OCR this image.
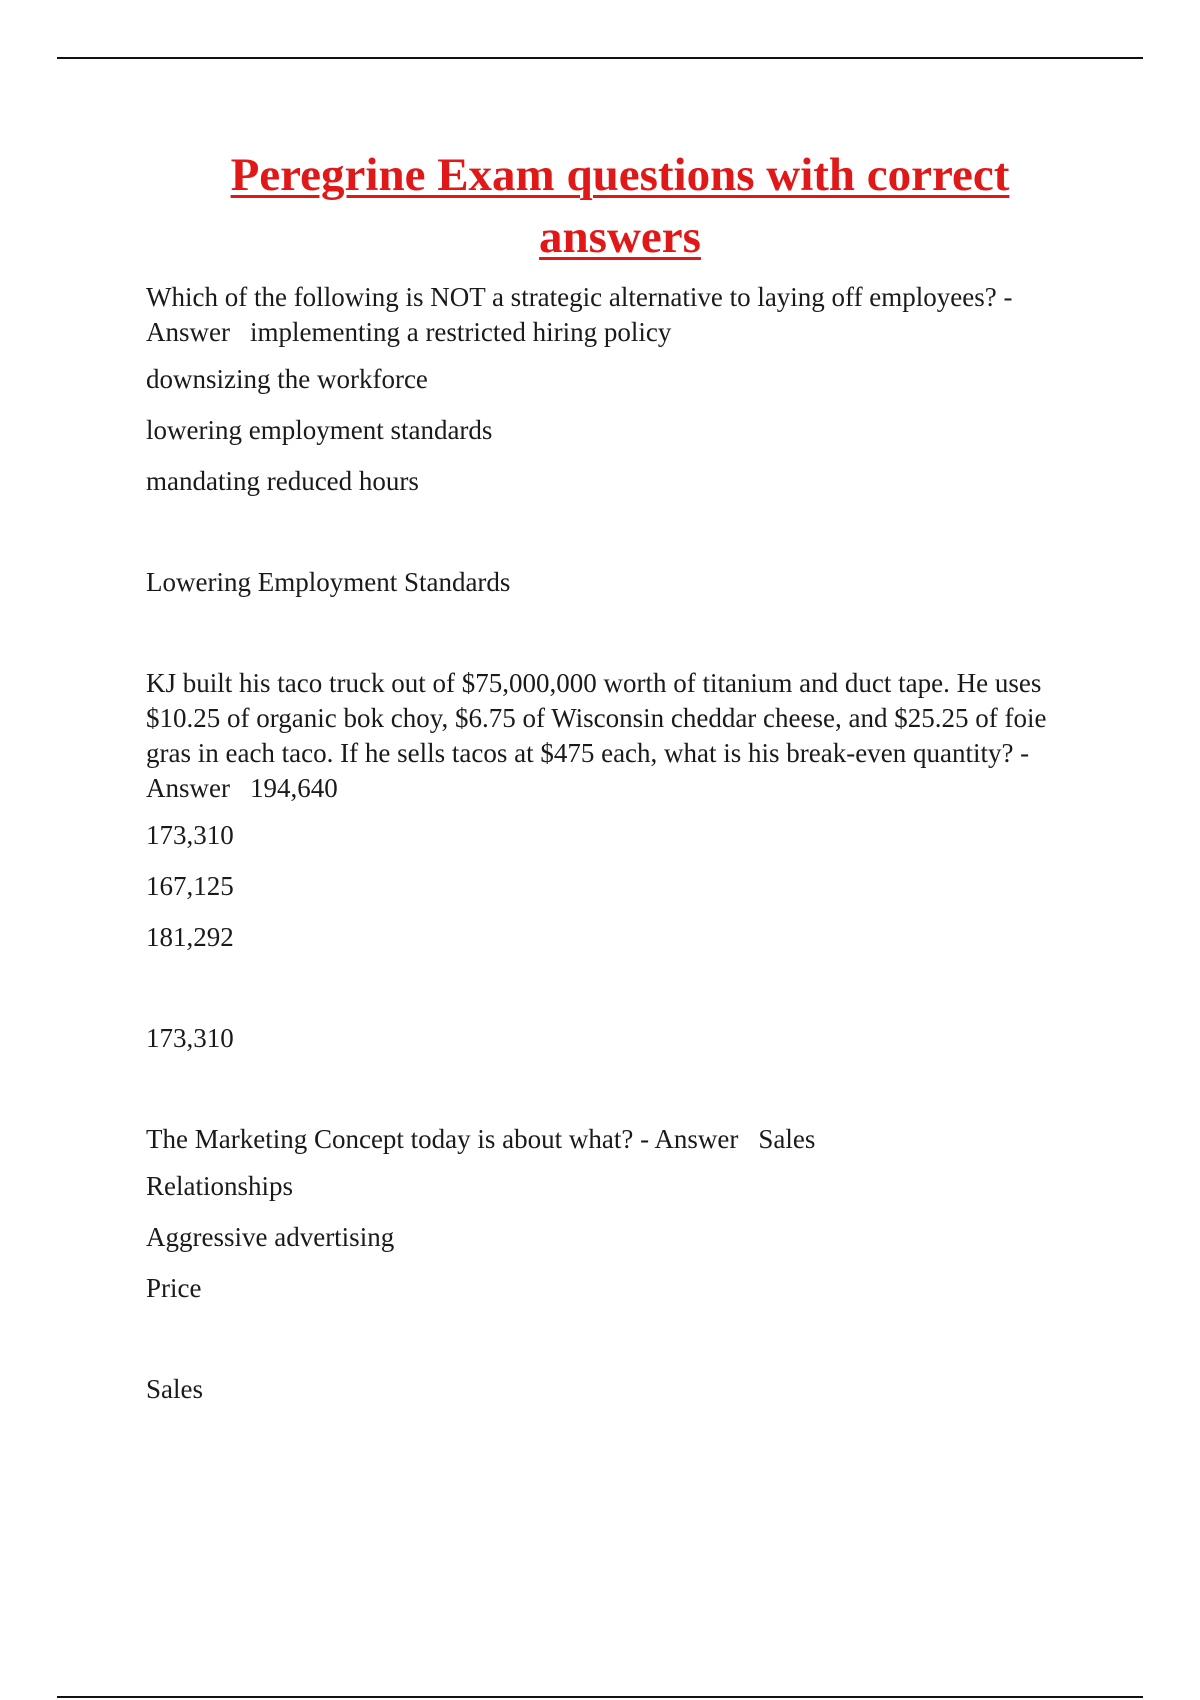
Peregrine Exam questions with correct answers

Which of the following is NOT a strategic alternative to laying off employees? - Answer implementing a restricted hiring policy

downsizing the workforce

lowering employment standards

mandating reduced hours

Lowering Employment Standards

KJ built his taco truck out of $75,000,000 worth of titanium and duct tape. He uses $10.25 of organic bok choy, $6.75 of Wisconsin cheddar cheese, and $25.25 of foie gras in each taco. If he sells tacos at $475 each, what is his break-even quantity? - Answer 194,640

173,310

167,125

181,292

173,310

The Marketing Concept today is about what? - Answer Sales

Relationships

Aggressive advertising

Price

Sales
